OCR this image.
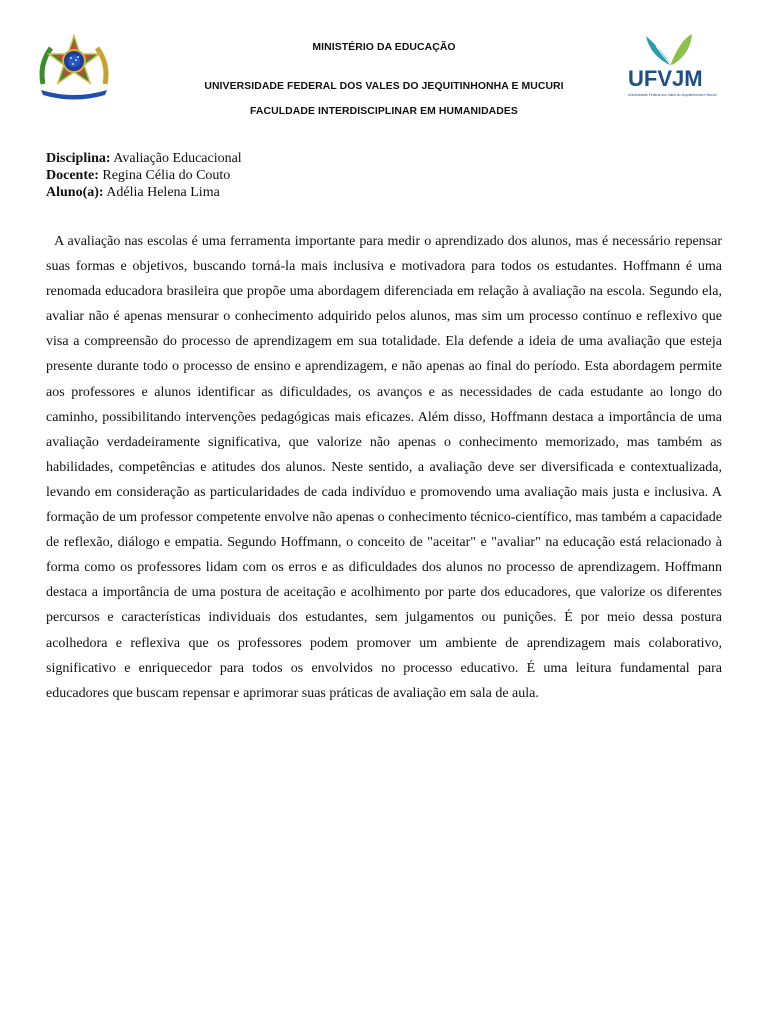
MINISTÉRIO DA EDUCAÇÃO

UNIVERSIDADE FEDERAL DOS VALES DO JEQUITINHONHA E MUCURI

FACULDADE INTERDISCIPLINAR EM HUMANIDADES

UFVJM
Universidade Federal dos Vales do Jequitinhonha e Mucuri
Disciplina: Avaliação Educacional
Docente: Regina Célia do Couto
Aluno(a): Adélia Helena Lima

A avaliação nas escolas é uma ferramenta importante para medir o aprendizado dos alunos, mas é necessário repensar suas formas e objetivos, buscando torná-la mais inclusiva e motivadora para todos os estudantes. Hoffmann é uma renomada educadora brasileira que propõe uma abordagem diferenciada em relação à avaliação na escola. Segundo ela, avaliar não é apenas mensurar o conhecimento adquirido pelos alunos, mas sim um processo contínuo e reflexivo que visa a compreensão do processo de aprendizagem em sua totalidade. Ela defende a ideia de uma avaliação que esteja presente durante todo o processo de ensino e aprendizagem, e não apenas ao final do período. Esta abordagem permite aos professores e alunos identificar as dificuldades, os avanços e as necessidades de cada estudante ao longo do caminho, possibilitando intervenções pedagógicas mais eficazes. Além disso, Hoffmann destaca a importância de uma avaliação verdadeiramente significativa, que valorize não apenas o conhecimento memorizado, mas também as habilidades, competências e atitudes dos alunos. Neste sentido, a avaliação deve ser diversificada e contextualizada, levando em consideração as particularidades de cada indivíduo e promovendo uma avaliação mais justa e inclusiva. A formação de um professor competente envolve não apenas o conhecimento técnico-científico, mas também a capacidade de reflexão, diálogo e empatia. Segundo Hoffmann, o conceito de "aceitar" e "avaliar" na educação está relacionado à forma como os professores lidam com os erros e as dificuldades dos alunos no processo de aprendizagem. Hoffmann destaca a importância de uma postura de aceitação e acolhimento por parte dos educadores, que valorize os diferentes percursos e características individuais dos estudantes, sem julgamentos ou punições. É por meio dessa postura acolhedora e reflexiva que os professores podem promover um ambiente de aprendizagem mais colaborativo, significativo e enriquecedor para todos os envolvidos no processo educativo. É uma leitura fundamental para educadores que buscam repensar e aprimorar suas práticas de avaliação em sala de aula.
